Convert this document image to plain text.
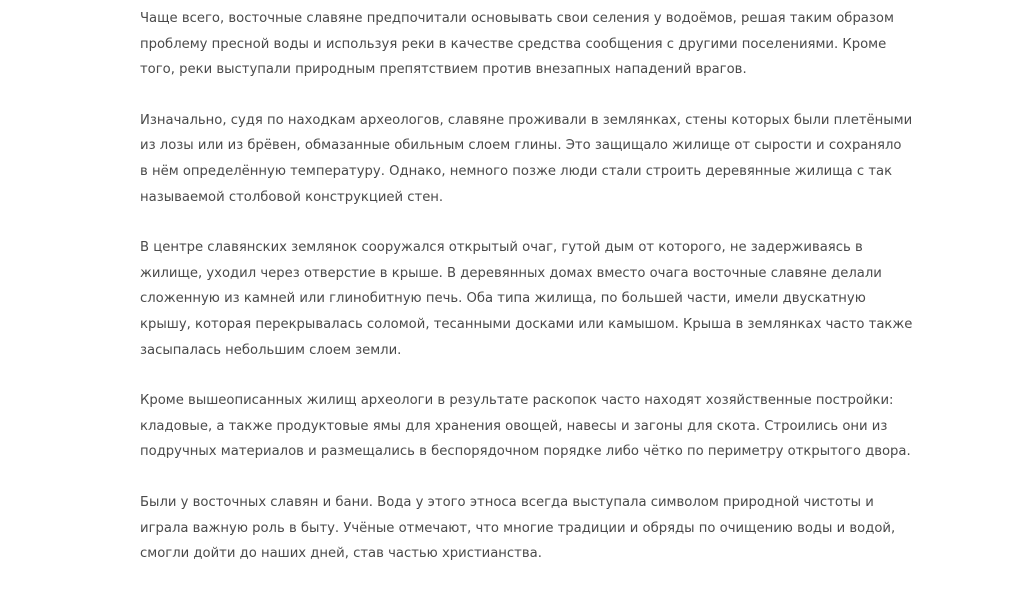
Чаще всего, восточные славяне предпочитали основывать свои селения у водоёмов, решая таким образом
проблему пресной воды и используя реки в качестве средства сообщения с другими поселениями. Кроме
того, реки выступали природным препятствием против внезапных нападений врагов.

Изначально, судя по находкам археологов, славяне проживали в землянках, стены которых были плетёными
из лозы или из брёвен, обмазанные обильным слоем глины. Это защищало жилище от сырости и сохраняло
в нём определённую температуру. Однако, немного позже люди стали строить деревянные жилища с так
называемой столбовой конструкцией стен.

В центре славянских землянок сооружался открытый очаг, гутой дым от которого, не задерживаясь в
жилище, уходил через отверстие в крыше. В деревянных домах вместо очага восточные славяне делали
сложенную из камней или глинобитную печь. Оба типа жилища, по большей части, имели двускатную
крышу, которая перекрывалась соломой, тесанными досками или камышом. Крыша в землянках часто также
засыпалась небольшим слоем земли.

Кроме вышеописанных жилищ археологи в результате раскопок часто находят хозяйственные постройки:
кладовые, а также продуктовые ямы для хранения овощей, навесы и загоны для скота. Строились они из
подручных материалов и размещались в беспорядочном порядке либо чётко по периметру открытого двора.

Были у восточных славян и бани. Вода у этого этноса всегда выступала символом природной чистоты и
играла важную роль в быту. Учёные отмечают, что многие традиции и обряды по очищению воды и водой,
смогли дойти до наших дней, став частью христианства.
